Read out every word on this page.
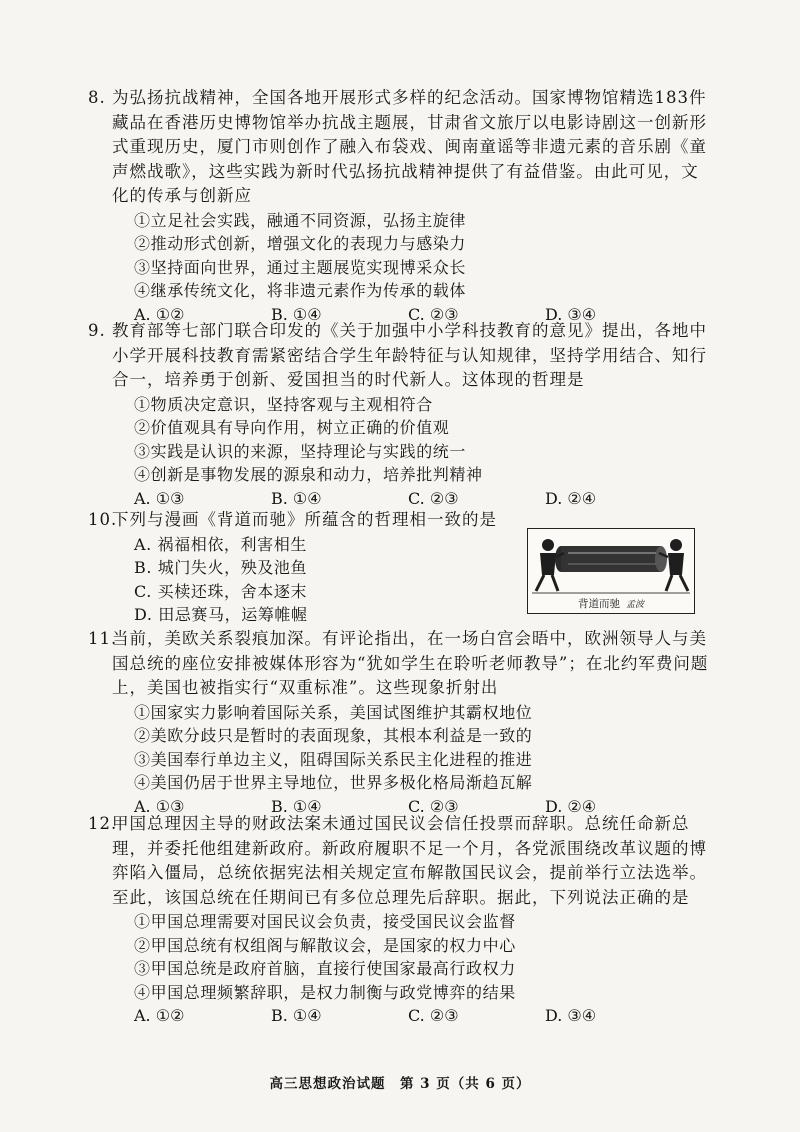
8. 为弘扬抗战精神，全国各地开展形式多样的纪念活动。国家博物馆精选183件藏品在香港历史博物馆举办抗战主题展，甘肃省文旅厅以电影诗剧这一创新形式重现历史，厦门市则创作了融入布袋戏、闽南童谣等非遗元素的音乐剧《童声燃战歌》，这些实践为新时代弘扬抗战精神提供了有益借鉴。由此可见，文化的传承与创新应

①立足社会实践，融通不同资源，弘扬主旋律
②推动形式创新，增强文化的表现力与感染力
③坚持面向世界，通过主题展览实现博采众长
④继承传统文化，将非遗元素作为传承的载体
A. ①②	B. ①④	C. ②③	D. ③④

9. 教育部等七部门联合印发的《关于加强中小学科技教育的意见》提出，各地中小学开展科技教育需紧密结合学生年龄特征与认知规律，坚持学用结合、知行合一，培养勇于创新、爱国担当的时代新人。这体现的哲理是

①物质决定意识，坚持客观与主观相符合
②价值观具有导向作用，树立正确的价值观
③实践是认识的来源，坚持理论与实践的统一
④创新是事物发展的源泉和动力，培养批判精神
A. ①③	B. ①④	C. ②③	D. ②④

10.下列与漫画《背道而驰》所蕴含的哲理相一致的是

A. 祸福相依，利害相生
B. 城门失火，殃及池鱼
C. 买椟还珠，舍本逐末
D. 田忌赛马，运筹帷幄
背道而驰 孟波

11.当前，美欧关系裂痕加深。有评论指出，在一场白宫会晤中，欧洲领导人与美国总统的座位安排被媒体形容为“犹如学生在聆听老师教导”；在北约军费问题上，美国也被指实行“双重标准”。这些现象折射出

①国家实力影响着国际关系，美国试图维护其霸权地位
②美欧分歧只是暂时的表面现象，其根本利益是一致的
③美国奉行单边主义，阻碍国际关系民主化进程的推进
④美国仍居于世界主导地位，世界多极化格局渐趋瓦解
A. ①③	B. ①④	C. ②③	D. ②④

12.甲国总理因主导的财政法案未通过国民议会信任投票而辞职。总统任命新总理，并委托他组建新政府。新政府履职不足一个月，各党派围绕改革议题的博弈陷入僵局，总统依据宪法相关规定宣布解散国民议会，提前举行立法选举。至此，该国总统在任期间已有多位总理先后辞职。据此，下列说法正确的是

①甲国总理需要对国民议会负责，接受国民议会监督
②甲国总统有权组阁与解散议会，是国家的权力中心
③甲国总统是政府首脑，直接行使国家最高行政权力
④甲国总理频繁辞职，是权力制衡与政党博弈的结果
A. ①②	B. ①④	C. ②③	D. ③④
高三思想政治试题　第 3 页（共 6 页）
